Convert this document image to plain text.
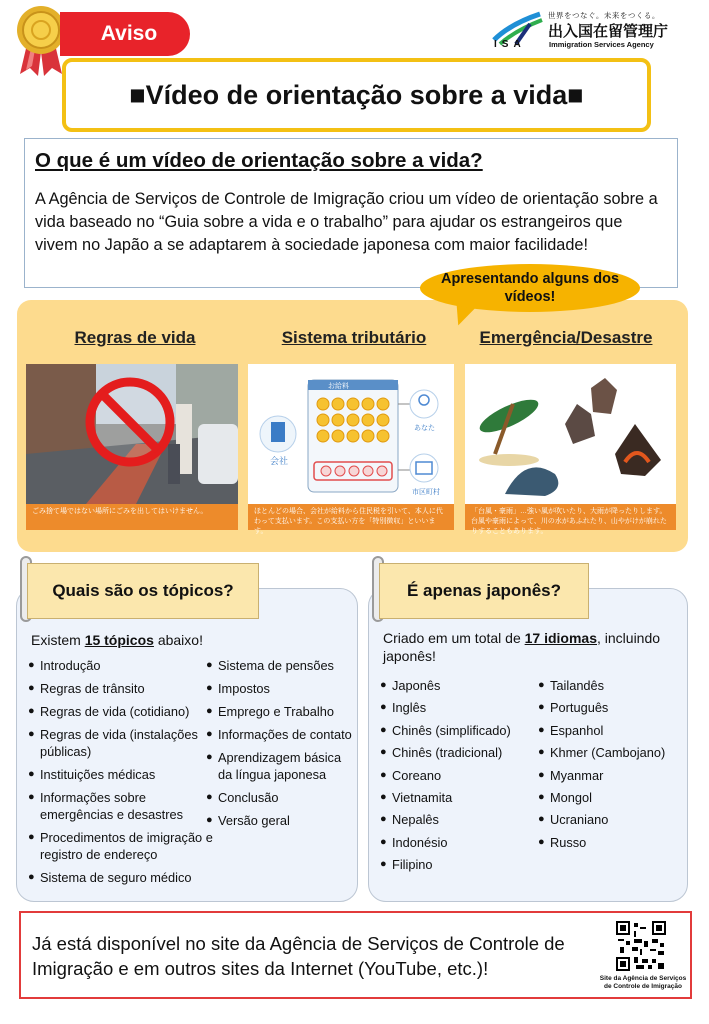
Aviso
世界をつなぐ。未来をつくる。
出入国在留管理庁
Immigration Services Agency
ISA
■Vídeo de orientação sobre a vida■
O que é um vídeo de orientação sobre a vida?

A Agência de Serviços de Controle de Imigração criou um vídeo de orientação sobre a vida baseado no “Guia sobre a vida e o trabalho” para ajudar os estrangeiros que vivem no Japão a se adaptarem à sociedade japonesa com maior facilidade!

Apresentando alguns dos vídeos!
Regras de vida	Sistema tributário	Emergência/Desastre
ごみ捨て場ではない場所にごみを出してはいけません。
お給料
会社
あなた
市区町村
ほとんどの場合、会社が給料から住民税を引いて、本人に代わって支払います。この支払い方を「特別徴収」といいます。
「台風・豪雨」…強い風が吹いたり、大雨が降ったりします。台風や豪雨によって、川の水があふれたり、山やがけが崩れたりすることもあります。
Existem 15 tópicos abaixo!
● Introdução
● Regras de trânsito
● Regras de vida (cotidiano)
● Regras de vida (instalações públicas)
● Instituições médicas
● Informações sobre emergências e desastres
● Procedimentos de imigração e registro de endereço
● Sistema de seguro médico
● Sistema de pensões
● Impostos
● Emprego e Trabalho
● Informações de contato
● Aprendizagem básica da língua japonesa
● Conclusão
● Versão geral
Quais são os tópicos?
Criado em um total de 17 idiomas, incluindo japonês!
● Japonês
● Inglês
● Chinês (simplificado)
● Chinês (tradicional)
● Coreano
● Vietnamita
● Nepalês
● Indonésio
● Filipino
● Tailandês
● Português
● Espanhol
● Khmer (Cambojano)
● Myanmar
● Mongol
● Ucraniano
● Russo
É apenas japonês?
Já está disponível no site da Agência de Serviços de Controle de Imigração e em outros sites da Internet (YouTube, etc.)!	Site da Agência de Serviços de Controle de Imigração
